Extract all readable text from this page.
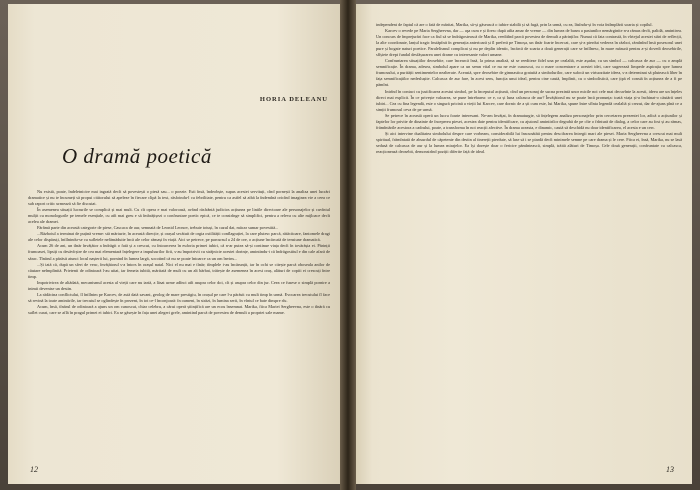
HORIA DELEANU
O dramă poetică

Nu există, poate, îndeletnicire mai ingrată decît să povestești o piesă sau... o poezie. Esti însă, îndeobște, supus acestei servituți, cînd pornești la analiza unei lucrări dramatice și nu te încumeți să propui cititorului să apeleze în fiecare clipă la text, răsfoindu-l cu febrilitate, pentru ca astfel să aibă la îndemînă oricînd imaginea vie a ceea ce sub raport critic urmează să fie discutat.

În asemenea situații lucrurile se complică și mai mult. Cu cît opera e mai valoroasă, având răsfrântă judicios acțiunea pe liniile directoare ale personajelor și cuvîntul mulțit cu monologurile pe temele esențiale, cu atît mai greu e să îmbrățișezi o confruntare poetic epică, ce te constrînge să simplifici, pentru a releva cu alte mijloace decît acelea ale dramei.

Fărâmă parte din această categorie de piese, Cascaca de aur, semnată de Leonid Leonov, trebuie totuși, în cazul dat, măcar sumar povestită...

...Războiul a terminat de puțină vreme: stă mărturie, în această direcție, și orașul secătuit de orgia ostilității conflagrației, la care plutesc parcă, rătăcitoare, fantomele dragi ale celor dispăruți, întîlnindu-se cu sufletele nefămăduite încă ale celor rămași în viață. Aici se petrece, pe parcursul a 24 de ore, o acțiune încărcată de tensiune dramatică.

Acum 26 de ani, un tînăr învățător a îndrăgit o fată și a crescut, cu întoarcerea în euforia primei iubiri, că n-ar putea să-și continue viața decît în tovărășia ei. Părinții frumoasei, lipsiți cu desăvîrșire de cea mai elementară înțelegere a impulsurilor firii, s-au împotrivit cu străjnicie acestei dorințe, amintindu-i că îndrăgostitul e din cale afară de sărac. Tînărul a părăsit atunci locul nașterii lui, pornind în lumea largă, socotind că nu se poate întoarce ca un om învins...

...Și iată că, după un sfert de veac, învățătorul s-a întors în orașul natal. Nici el nu mai e tînăr; tîmplele i-au încărunțit, iar în ochi se citește parcă oboseala anilor de căutare neîmplinită. Prietenii de odinioară l-au uitat, iar femeia iubită, măritată de mult cu un alt bărbat, trăiește de asemenea în acest oraș, alături de copiii ei crescuți între timp.

Impotrivirea de altădată, mecanismul acesta al vieții care nu iartă, a lăsat urme adînci atît asupra celor doi, cît și asupra celor din jur. Ceea ce fusese o simplă pornire a inimii devenise un destin.

La rădăcina conflictului, îl întîlnim pe Karcev, de astă dată savant, geolog de mare prestigiu, în orașul pe care l-a părăsit cu mult timp în urmă. Evocarea trecutului îl face să revină la toate amintirile, iar trecutul se oglindește în prezent, în tot ce-l înconjoară: în oameni, în străzi, în lumina serii, în vîntul ce bate dinspre rîu.

Acum, însă, tînărul de odinioară a ajuns un om cunoscut, chiar celebru, a cărui operă științifică are un ecou însemnat. Marika, fiica Mariei Sergheevna, este o tînără cu suflet curat, care se află în pragul primei ei iubiri. Ea se găsește în fața unei alegeri grele, amintind parcă de povestea de demult a propriei sale mame.

12

independent de faptul că are o fată de măritat, Marika, să-și găsească o iubire stabilă și să fugă, prin la urmă, cu ea, lăsîndu-și în voia întîmplării soarta și copilul.

Karcev o revede pe Maria Sergheevna, dar — aşa cum e și firesc după atîta amar de vreme — din lumea de basm a pasiunilor nemărginite n-a rămas decît, palidă, amintirea. Un concurs de împrejurări face ca fiul să se îndrăgostească de Marika, reeditînd parcă povestea de demult a părinților. Numai că fata contrastă, în vîrtejul acestei stări de reflecții, la alte coordonate, lanțul tragic înstăpînit în generația anterioară și îl preferă pe Timoșa, un tînăr foarte încercat, care și-a pierdut vederea în război, rămînînd însă posesorul unei pure și bogate naturi poetice. Paralelismul complicat și nu pe deplin identic, încărcă de soarta a două generații care se întîlnesc, în mare măsură pentru a-și dovedi deosebirile, sfîșiete drept fundal desfășurarea unei drame cu interesante valori umane.

Confruntarea situațiilor deosebite, care încearcă însă, la prima analiză, să se reediteze fidel una pe cealaltă, este așadar, cu un simbol — calcasca de aur — cu o amplă semnificație. În drama, adesea, simbolul apare ca un semn vital ce nu ne este cunoscut, cu o mare concentrare a acestei idei, care sugerează limpede aspirația spre lumea frumosului, a purității sentimentelor nealterate. Această, spre deosebire de gimnastica gratuită a simbolurilor, care sufocă un virtuozitate ideea, s-a determinat să plutească liber în fața semnificațiilor nedeslușite. Calcasca de aur fare, în acest sens, funcția unui ideal, pentru cine caută, împlinit, cu o simbolistică, care țipă el constă în acțiunea de a fi pe pămînt.

Intrînd în contact cu justificarea acestui simbol, pe la începutul acțiunii, cînd un personaj de sucna prezintă unor micile noi cele mai decuvînte la acesti, ideea are un înțeles direct mai explicit. În ce privește valoarea, se pune întrebarea: ce e, ca și luna calcasca de aur? Învățătorul nu se poate încă pronunța: toată viața și-a închinat-o căutării unei iubiri... Cea cu fina legendă, este o singură pricină a vieții lui Karcev, care dornic de a ști cum este, lui Marika, spune între sfînta legendă cealaltă și crezut, dar de-ajuns pînă ce a simțit frumosul ceva de pe urmă.

Se petrece în această operă un lucru foarte interesant. Ne-am învățat, în dramaturgie, să înțelegem analiza personajelor prin cercetarea prezentei lor, adică a acțiunilor și faptelor lor privite de dinainte de începerea piesei, acestea date pentru identificare, cu ajutorul amintirilor degrabă de pe cîte o frîntură de dialog, a celor care au fost și au rămas, frămîntările acestora a cadrului, poate, a transforma în noi reacții afective. În drama aceasta, e dinamic, caută să deschidă nu doar identificarea, el acesta e un cerc.

Și aici intervine dualitatea simbolului despre care vorbeam, considerabilă lui înscunătăti pentru descifrarea întregii mari ale piesei. Maria Sergheevna a crescut mai mult spiritual, frămîntată de absurdul de căpetenie din destin al tinereții pierdute, să lase să i se piardă decît minimele semne pe care drama și le cere. Fiica ei, însă, Marika, nu se lasă sedusă de calcasca de aur și la lumea mirajelor. Ea își dorește doar o fericire pămîntească, simplă, trăită alături de Timoșa. Cele două generații, confruntate cu calcasca, reacționează deosebit, demonstrînd poziții diferite față de ideal.

13
